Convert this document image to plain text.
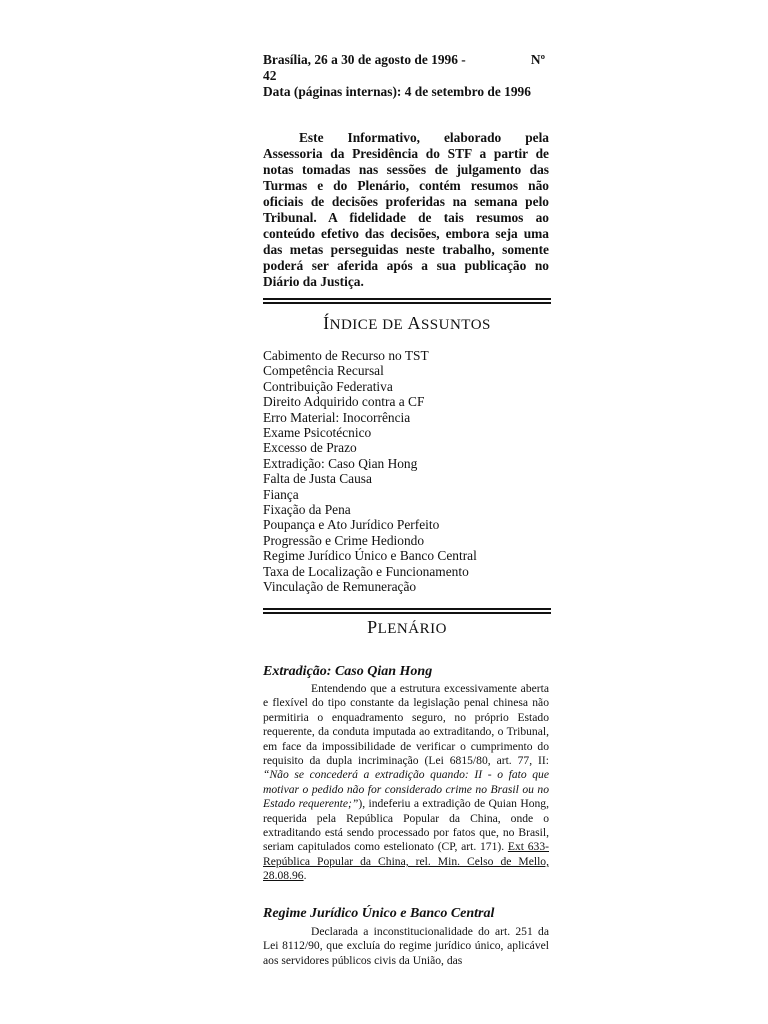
Brasília, 26 a 30 de agosto de 1996 -	Nº
42

Data (páginas internas): 4 de setembro de 1996

Este Informativo, elaborado pela Assessoria da Presidência do STF a partir de notas tomadas nas sessões de julgamento das Turmas e do Plenário, contém resumos não oficiais de decisões proferidas na semana pelo Tribunal. A fidelidade de tais resumos ao conteúdo efetivo das decisões, embora seja uma das metas perseguidas neste trabalho, somente poderá ser aferida após a sua publicação no Diário da Justiça.

ÍNDICE DE ASSUNTOS
Cabimento de Recurso no TST
Competência Recursal
Contribuição Federativa
Direito Adquirido contra a CF
Erro Material: Inocorrência
Exame Psicotécnico
Excesso de Prazo
Extradição: Caso Qian Hong
Falta de Justa Causa
Fiança
Fixação da Pena
Poupança e Ato Jurídico Perfeito
Progressão e Crime Hediondo
Regime Jurídico Único e Banco Central
Taxa de Localização e Funcionamento
Vinculação de Remuneração
PLENÁRIO
Extradição: Caso Qian Hong

Entendendo que a estrutura excessivamente aberta e flexível do tipo constante da legislação penal chinesa não permitiria o enquadramento seguro, no próprio Estado requerente, da conduta imputada ao extraditando, o Tribunal, em face da impossibilidade de verificar o cumprimento do requisito da dupla incriminação (Lei 6815/80, art. 77, II: “Não se concederá a extradição quando: II - o fato que motivar o pedido não for considerado crime no Brasil ou no Estado requerente;”), indeferiu a extradição de Quian Hong, requerida pela República Popular da China, onde o extraditando está sendo processado por fatos que, no Brasil, seriam capitulados como estelionato (CP, art. 171). Ext 633-República Popular da China, rel. Min. Celso de Mello, 28.08.96.

Regime Jurídico Único e Banco Central

Declarada a inconstitucionalidade do art. 251 da Lei 8112/90, que excluía do regime jurídico único, aplicável aos servidores públicos civis da União, das
